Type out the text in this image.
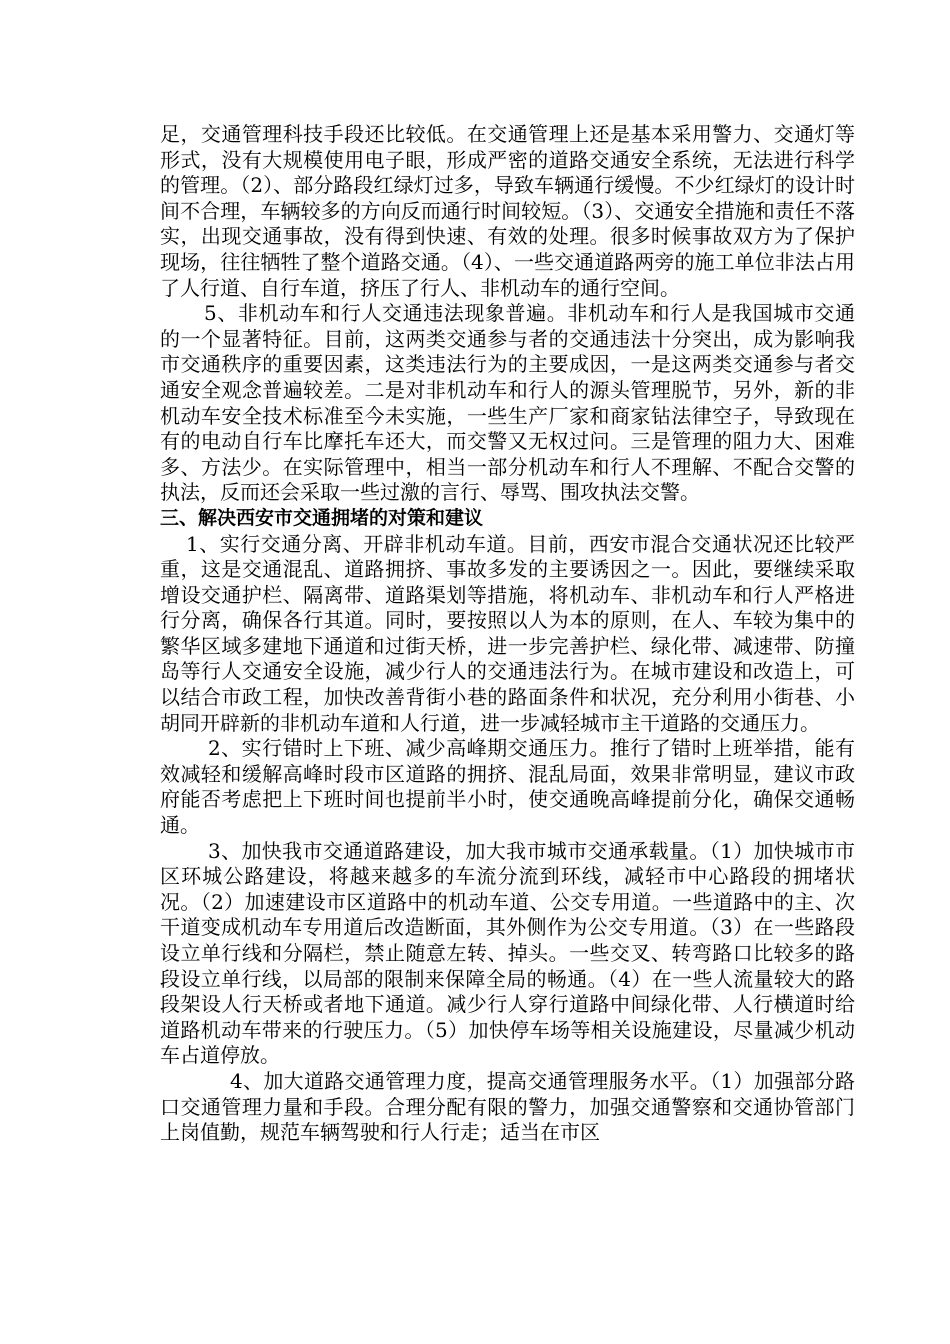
足，交通管理科技手段还比较低。在交通管理上还是基本采用警力、交通灯等形式，没有大规模使用电子眼，形成严密的道路交通安全系统，无法进行科学的管理。（2）、部分路段红绿灯过多，导致车辆通行缓慢。不少红绿灯的设计时间不合理，车辆较多的方向反而通行时间较短。（3）、交通安全措施和责任不落实，出现交通事故，没有得到快速、有效的处理。很多时候事故双方为了保护现场，往往牺牲了整个道路交通。（4）、一些交通道路两旁的施工单位非法占用了人行道、自行车道，挤压了行人、非机动车的通行空间。

5、非机动车和行人交通违法现象普遍。非机动车和行人是我国城市交通的一个显著特征。目前，这两类交通参与者的交通违法十分突出，成为影响我市交通秩序的重要因素，这类违法行为的主要成因，一是这两类交通参与者交通安全观念普遍较差。二是对非机动车和行人的源头管理脱节，另外，新的非机动车安全技术标准至今未实施，一些生产厂家和商家钻法律空子，导致现在有的电动自行车比摩托车还大，而交警又无权过问。三是管理的阻力大、困难多、方法少。在实际管理中，相当一部分机动车和行人不理解、不配合交警的执法，反而还会采取一些过激的言行、辱骂、围攻执法交警。

三、解决西安市交通拥堵的对策和建议

1、实行交通分离、开辟非机动车道。目前，西安市混合交通状况还比较严重，这是交通混乱、道路拥挤、事故多发的主要诱因之一。因此，要继续采取增设交通护栏、隔离带、道路渠划等措施，将机动车、非机动车和行人严格进行分离，确保各行其道。同时，要按照以人为本的原则，在人、车较为集中的繁华区域多建地下通道和过街天桥，进一步完善护栏、绿化带、减速带、防撞岛等行人交通安全设施，减少行人的交通违法行为。在城市建设和改造上，可以结合市政工程，加快改善背街小巷的路面条件和状况，充分利用小街巷、小胡同开辟新的非机动车道和人行道，进一步减轻城市主干道路的交通压力。

2、实行错时上下班、减少高峰期交通压力。推行了错时上班举措，能有效减轻和缓解高峰时段市区道路的拥挤、混乱局面，效果非常明显，建议市政府能否考虑把上下班时间也提前半小时，使交通晚高峰提前分化，确保交通畅通。

3、加快我市交通道路建设，加大我市城市交通承载量。（1）加快城市市区环城公路建设，将越来越多的车流分流到环线，减轻市中心路段的拥堵状况。（2）加速建设市区道路中的机动车道、公交专用道。一些道路中的主、次干道变成机动车专用道后改造断面，其外侧作为公交专用道。（3）在一些路段设立单行线和分隔栏，禁止随意左转、掉头。一些交叉、转弯路口比较多的路段设立单行线，以局部的限制来保障全局的畅通。（4）在一些人流量较大的路段架设人行天桥或者地下通道。减少行人穿行道路中间绿化带、人行横道时给道路机动车带来的行驶压力。（5）加快停车场等相关设施建设，尽量减少机动车占道停放。

4、加大道路交通管理力度，提高交通管理服务水平。（1）加强部分路口交通管理力量和手段。合理分配有限的警力，加强交通警察和交通协管部门上岗值勤，规范车辆驾驶和行人行走；适当在市区
